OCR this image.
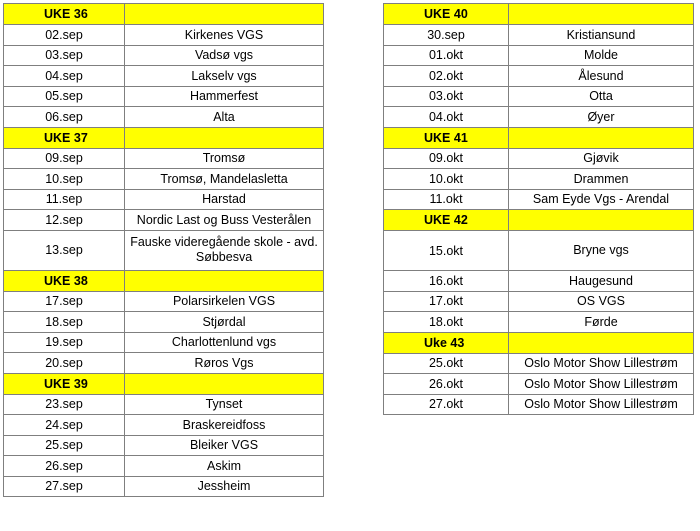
UKE 36	
02.sep	Kirkenes VGS
03.sep	Vadsø vgs
04.sep	Lakselv vgs
05.sep	Hammerfest
06.sep	Alta
UKE 37	
09.sep	Tromsø
10.sep	Tromsø, Mandelasletta
11.sep	Harstad
12.sep	Nordic Last og Buss Vesterålen
13.sep	Fauske videregående skole - avd. Søbbesva
UKE 38	
17.sep	Polarsirkelen VGS
18.sep	Stjørdal
19.sep	Charlottenlund vgs
20.sep	Røros Vgs
UKE 39	
23.sep	Tynset
24.sep	Braskereidfoss
25.sep	Bleiker VGS
26.sep	Askim
27.sep	Jessheim
UKE 40	
30.sep	Kristiansund
01.okt	Molde
02.okt	Ålesund
03.okt	Otta
04.okt	Øyer
UKE 41	
09.okt	Gjøvik
10.okt	Drammen
11.okt	Sam Eyde Vgs - Arendal
UKE 42	
15.okt	Bryne vgs
16.okt	Haugesund
17.okt	OS VGS
18.okt	Førde
Uke 43	
25.okt	Oslo Motor Show Lillestrøm
26.okt	Oslo Motor Show Lillestrøm
27.okt	Oslo Motor Show Lillestrøm
